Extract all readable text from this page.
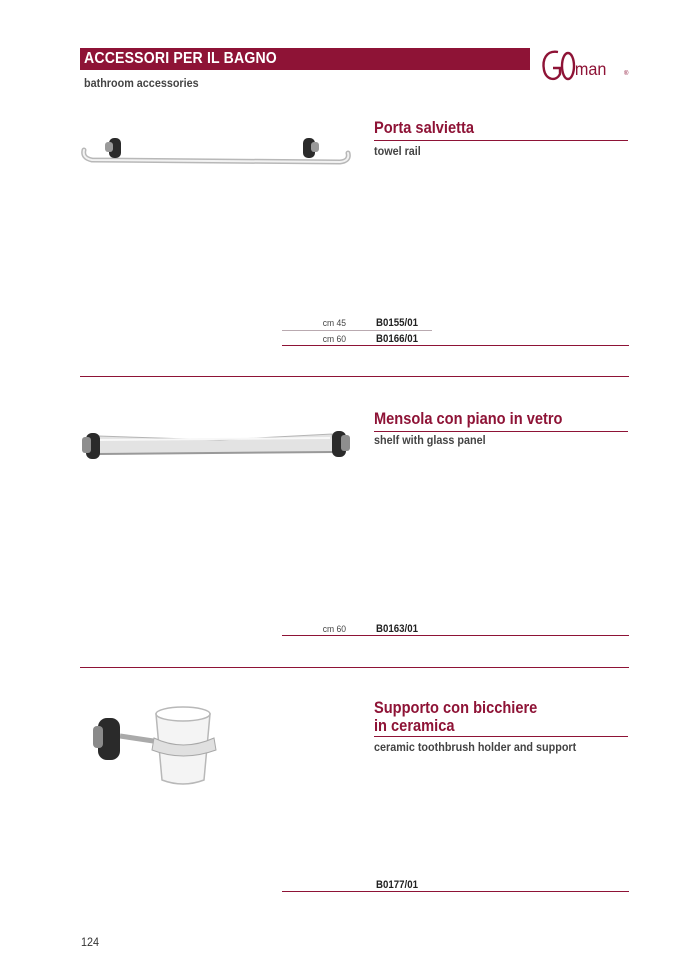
ACCESSORI PER IL BAGNO
bathroom accessories
man	®
Porta salvietta
towel rail
cm 45	B0155/01
cm 60	B0166/01
Mensola con piano in vetro
shelf with glass panel
cm 60	B0163/01
Supporto con bicchiere
in ceramica
ceramic toothbrush holder and support
B0177/01
124
